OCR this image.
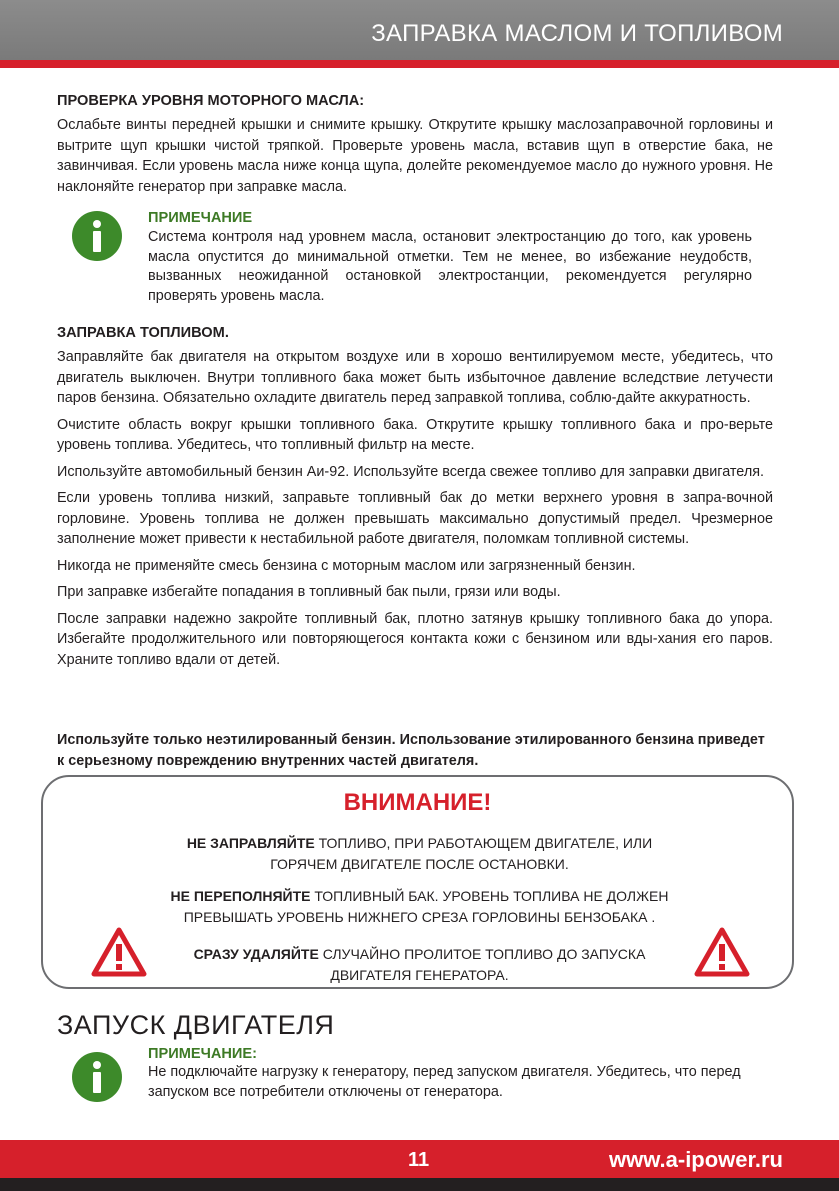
ЗАПРАВКА МАСЛОМ И ТОПЛИВОМ

ПРОВЕРКА УРОВНЯ МОТОРНОГО МАСЛА:

Ослабьте винты передней крышки и снимите крышку. Открутите крышку маслозаправочной горловины и вытрите щуп крышки чистой тряпкой. Проверьте уровень масла, вставив щуп в отверстие бака, не завинчивая. Если уровень масла ниже конца щупа, долейте рекомендуемое масло до нужного уровня. Не наклоняйте генератор при заправке масла.

ПРИМЕЧАНИЕ

Система контроля над уровнем масла, остановит электростанцию до того, как уровень масла опустится до минимальной отметки. Тем не менее, во избежание неудобств, вызванных неожиданной остановкой электростанции, рекомендуется регулярно проверять уровень масла.

ЗАПРАВКА ТОПЛИВОМ.

Заправляйте бак двигателя на открытом воздухе или в хорошо вентилируемом месте, убедитесь, что двигатель выключен. Внутри топливного бака может быть избыточное давление вследствие летучести паров бензина. Обязательно охладите двигатель перед заправкой топлива, соблю-дайте аккуратность.

Очистите область вокруг крышки топливного бака. Открутите крышку топливного бака и про-верьте уровень топлива. Убедитесь, что топливный фильтр на месте.

Используйте автомобильный бензин Аи-92. Используйте всегда свежее топливо для заправки двигателя.

Если уровень топлива низкий, заправьте топливный бак до метки верхнего уровня в запра-вочной горловине. Уровень топлива не должен превышать максимально допустимый предел. Чрезмерное заполнение может привести к нестабильной работе двигателя, поломкам топливной системы.

Никогда не применяйте смесь бензина с моторным маслом или загрязненный бензин.

При заправке избегайте попадания в топливный бак пыли, грязи или воды.

После заправки надежно закройте топливный бак, плотно затянув крышку топливного бака до упора. Избегайте продолжительного или повторяющегося контакта кожи с бензином или вды-хания его паров. Храните топливо вдали от детей.

Используйте только неэтилированный бензин. Использование этилированного бензина приведет к серьезному повреждению внутренних частей двигателя.

ВНИМАНИЕ!
НЕ ЗАПРАВЛЯЙТЕ ТОПЛИВО, ПРИ РАБОТАЮЩЕМ ДВИГАТЕЛЕ, ИЛИ
ГОРЯЧЕМ ДВИГАТЕЛЕ ПОСЛЕ ОСТАНОВКИ.
НЕ ПЕРЕПОЛНЯЙТЕ ТОПЛИВНЫЙ БАК. УРОВЕНЬ ТОПЛИВА НЕ ДОЛЖЕН
ПРЕВЫШАТЬ УРОВЕНЬ НИЖНЕГО СРЕЗА ГОРЛОВИНЫ БЕНЗОБАКА .
СРАЗУ УДАЛЯЙТЕ СЛУЧАЙНО ПРОЛИТОЕ ТОПЛИВО ДО ЗАПУСКА
ДВИГАТЕЛЯ ГЕНЕРАТОРА.
ЗАПУСК ДВИГАТЕЛЯ

ПРИМЕЧАНИЕ:

Не подключайте нагрузку к генератору, перед запуском двигателя. Убедитесь, что перед запуском все потребители отключены от генератора.

11	www.a-ipower.ru
